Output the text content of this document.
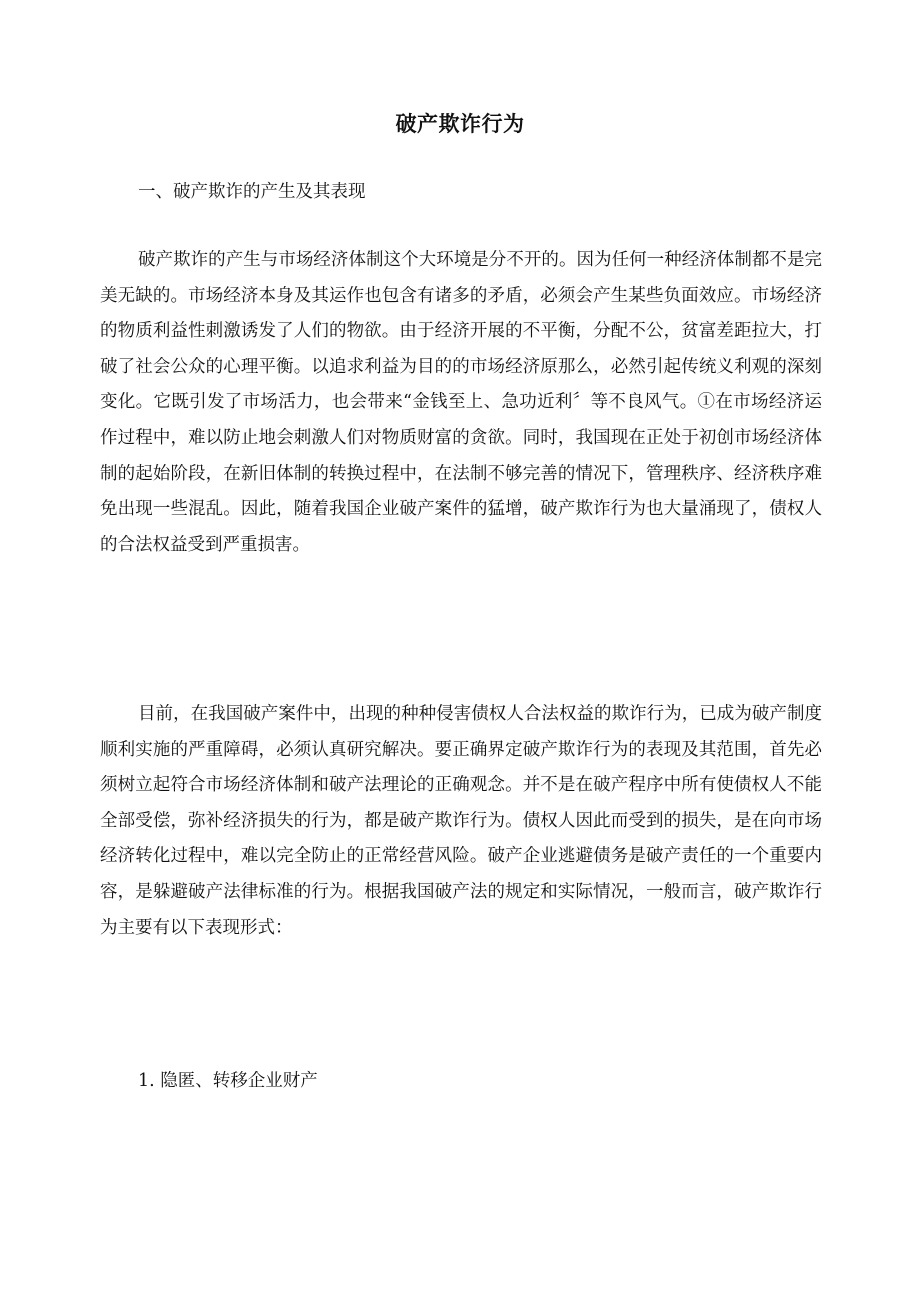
破产欺诈行为

一、破产欺诈的产生及其表现

破产欺诈的产生与市场经济体制这个大环境是分不开的。因为任何一种经济体制都不是完美无缺的。市场经济本身及其运作也包含有诸多的矛盾，必须会产生某些负面效应。市场经济的物质利益性刺激诱发了人们的物欲。由于经济开展的不平衡，分配不公，贫富差距拉大，打破了社会公众的心理平衡。以追求利益为目的的市场经济原那么，必然引起传统义利观的深刻变化。它既引发了市场活力，也会带来“金钱至上、急功近利〞等不良风气。①在市场经济运作过程中，难以防止地会刺激人们对物质财富的贪欲。同时，我国现在正处于初创市场经济体制的起始阶段，在新旧体制的转换过程中，在法制不够完善的情况下，管理秩序、经济秩序难免出现一些混乱。因此，随着我国企业破产案件的猛增，破产欺诈行为也大量涌现了，债权人的合法权益受到严重损害。

目前，在我国破产案件中，出现的种种侵害债权人合法权益的欺诈行为，已成为破产制度顺利实施的严重障碍，必须认真研究解决。要正确界定破产欺诈行为的表现及其范围，首先必须树立起符合市场经济体制和破产法理论的正确观念。并不是在破产程序中所有使债权人不能全部受偿，弥补经济损失的行为，都是破产欺诈行为。债权人因此而受到的损失，是在向市场经济转化过程中，难以完全防止的正常经营风险。破产企业逃避债务是破产责任的一个重要内容，是躲避破产法律标准的行为。根据我国破产法的规定和实际情况，一般而言，破产欺诈行为主要有以下表现形式：

1. 隐匿、转移企业财产
